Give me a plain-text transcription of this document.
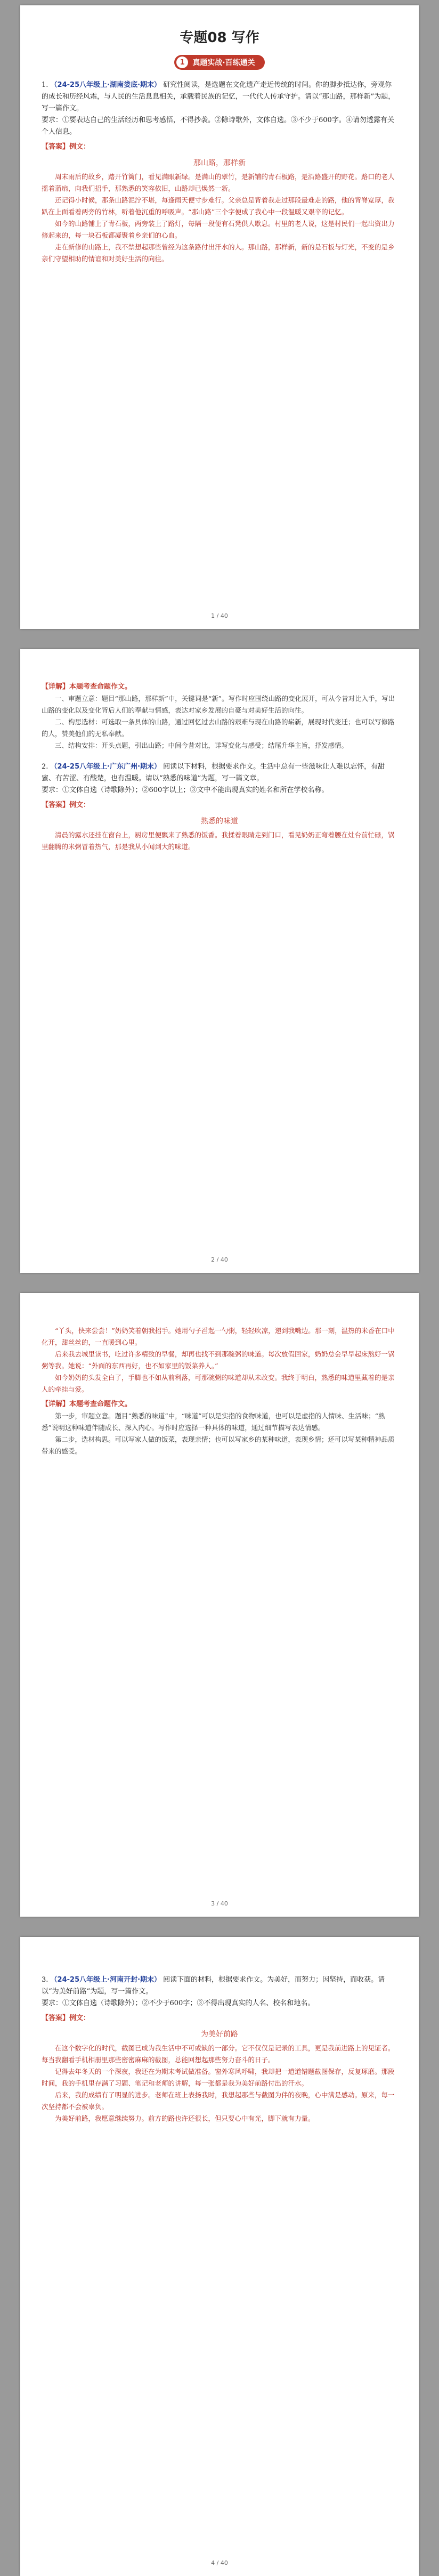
专题08 写作
1	真题实战·百练通关

1. （24-25八年级上·湖南娄底·期末） 研究性阅读，是选题在文化遗产走近传统的时间。你的脚步抵达你，旁观你的成长和历经风霜，与人民的生活息息相关，承载着民族的记忆，一代代人传承守护。请以“那山路，那样新”为题，写一篇作文。

要求：①要表达自己的生活经历和思考感悟，不得抄袭。②除诗歌外，文体自选。③不少于600字。④请勿透露有关个人信息。

【答案】例文：

那山路，那样新

周末雨后的故乡，踏开竹篱门，看见满眼新绿。是满山的翠竹，是新铺的青石板路，是沿路盛开的野花。路口的老人摇着蒲扇，向我们招手，那熟悉的笑容依旧，山路却已焕然一新。

还记得小时候，那条山路泥泞不堪，每逢雨天便寸步难行。父亲总是背着我走过那段最难走的路，他的背脊宽厚，我趴在上面看着两旁的竹林，听着他沉重的呼吸声。“那山路”三个字便成了我心中一段温暖又艰辛的记忆。

如今的山路铺上了青石板，两旁装上了路灯，每隔一段便有石凳供人歇息。村里的老人说，这是村民们一起出资出力修起来的，每一块石板都凝聚着乡亲们的心血。

走在新修的山路上，我不禁想起那些曾经为这条路付出汗水的人。那山路，那样新，新的是石板与灯光，不变的是乡亲们守望相助的情谊和对美好生活的向往。

1 / 40

【详解】本题考查命题作文。

一、审题立意：题目“那山路，那样新”中，关键词是“新”。写作时应围绕山路的变化展开，可从今昔对比入手，写出山路的变化以及变化背后人们的奉献与情感，表达对家乡发展的自豪与对美好生活的向往。

二、构思选材：可选取一条具体的山路，通过回忆过去山路的艰难与现在山路的崭新，展现时代变迁；也可以写修路的人，赞美他们的无私奉献。

三、结构安排：开头点题，引出山路；中间今昔对比，详写变化与感受；结尾升华主旨，抒发感情。

2. （24-25八年级上·广东广州·期末） 阅读以下材料，根据要求作文。生活中总有一些滋味让人难以忘怀，有甜蜜、有苦涩、有酸楚，也有温暖。请以“熟悉的味道”为题，写一篇文章。

要求：①文体自选（诗歌除外）；②600字以上；③文中不能出现真实的姓名和所在学校名称。

【答案】例文：

熟悉的味道

清晨的露水还挂在窗台上，厨房里便飘来了熟悉的饭香。我揉着眼睛走到门口，看见奶奶正弯着腰在灶台前忙碌，锅里翻腾的米粥冒着热气，那是我从小闻到大的味道。

2 / 40

“丫头，快来尝尝！”奶奶笑着朝我招手。她用勺子舀起一勺粥，轻轻吹凉，递到我嘴边。那一刻，温热的米香在口中化开，甜丝丝的，一直暖到心里。

后来我去城里读书，吃过许多精致的早餐，却再也找不到那碗粥的味道。每次放假回家，奶奶总会早早起床熬好一锅粥等我。她说：“外面的东西再好，也不如家里的饭菜养人。”

如今奶奶的头发全白了，手脚也不如从前利落，可那碗粥的味道却从未改变。我终于明白，熟悉的味道里藏着的是亲人的牵挂与爱。

【详解】本题考查命题作文。

第一步，审题立意。题目“熟悉的味道”中，“味道”可以是实指的食物味道，也可以是虚指的人情味、生活味；“熟悉”说明这种味道伴随成长、深入内心。写作时应选择一种具体的味道，通过细节描写表达情感。

第二步，选材构思。可以写家人做的饭菜，表现亲情；也可以写家乡的某种味道，表现乡情；还可以写某种精神品质带来的感受。

3 / 40

3. （24-25八年级上·河南开封·期末） 阅读下面的材料，根据要求作文。为美好，而努力；因坚持，而收获。请以“为美好前路”为题，写一篇作文。

要求：①文体自选（诗歌除外）；②不少于600字；③不得出现真实的人名、校名和地名。

【答案】例文：

为美好前路

在这个数字化的时代，截图已成为我生活中不可或缺的一部分。它不仅仅是记录的工具，更是我前进路上的见证者。每当我翻看手机相册里那些密密麻麻的截图，总能回想起那些努力奋斗的日子。

记得去年冬天的一个深夜，我还在为期末考试做准备。窗外寒风呼啸，我却把一道道错题截图保存，反复琢磨。那段时间，我的手机里存满了习题、笔记和老师的讲解，每一张都是我为美好前路付出的汗水。

后来，我的成绩有了明显的进步。老师在班上表扬我时，我想起那些与截图为伴的夜晚，心中满是感动。原来，每一次坚持都不会被辜负。

为美好前路，我愿意继续努力。前方的路也许还很长，但只要心中有光，脚下就有力量。

4 / 40
